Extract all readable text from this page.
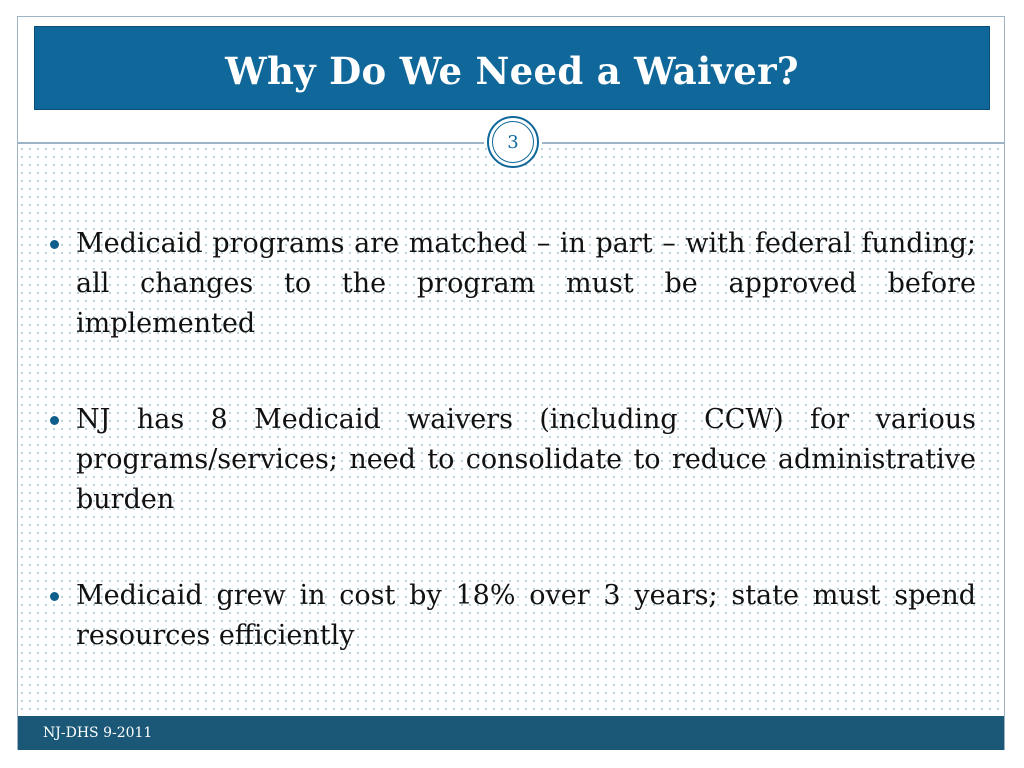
Why Do We Need a Waiver?
3
Medicaid programs are matched – in part – with federal funding; all changes to the program must be approved before implemented
NJ has 8 Medicaid waivers (including CCW) for various programs/services; need to consolidate to reduce administrative burden
Medicaid grew in cost by 18% over 3 years; state must spend resources efficiently
NJ-DHS 9-2011
